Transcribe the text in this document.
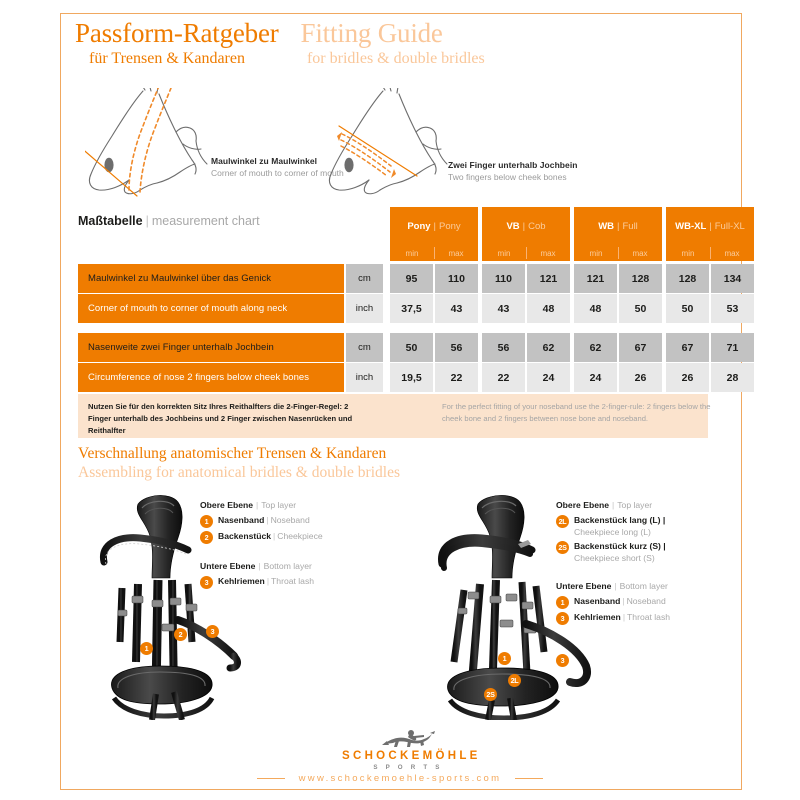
Passform-Ratgeber Fitting Guide
für Trensen & Kandaren	for bridles & double bridles
Maulwinkel zu Maulwinkel
Corner of mouth to corner of mouth
Zwei Finger unterhalb Jochbein
Two fingers below cheek bones
Maßtabelle | measurement chart	Pony | Pony	VB | Cob	WB | Full	WB-XL | Full-XL
min	max	min	max	min	max	min	max
Maulwinkel zu Maulwinkel über das Genick	cm	95	110	110	121	121	128	128	134
Corner of mouth to corner of mouth along neck	inch	37,5	43	43	48	48	50	50	53
Nasenweite zwei Finger unterhalb Jochbein	cm	50	56	56	62	62	67	67	71
Circumference of nose 2 fingers below cheek bones	inch	19,5	22	22	24	24	26	26	28
Nutzen Sie für den korrekten Sitz Ihres Reithalfters die 2-Finger-Regel: 2 Finger unterhalb des Jochbeins und 2 Finger zwischen Nasenrücken und Reithalfter
For the perfect fitting of your noseband use the 2-finger-rule: 2 fingers below the cheek bone and 2 fingers between nose bone and noseband.
Verschnallung anatomischer Trensen & Kandaren
Assembling for anatomical bridles & double bridles
1
2	3
Obere Ebene | Top layer
1	Nasenband | Noseband
2	Backenstück | Cheekpiece
Untere Ebene | Bottom layer
3	Kehlriemen | Throat lash
1
2L
2S
3
Obere Ebene | Top layer
2L Backenstück lang (L) |
Cheekpiece long (L)
2S Backenstück kurz (S) |
Cheekpiece short (S)
Untere Ebene | Bottom layer
1	Nasenband | Noseband
3	Kehlriemen | Throat lash
SCHOCKEMÖHLE
S P O R T S
www.schockemoehle-sports.com
